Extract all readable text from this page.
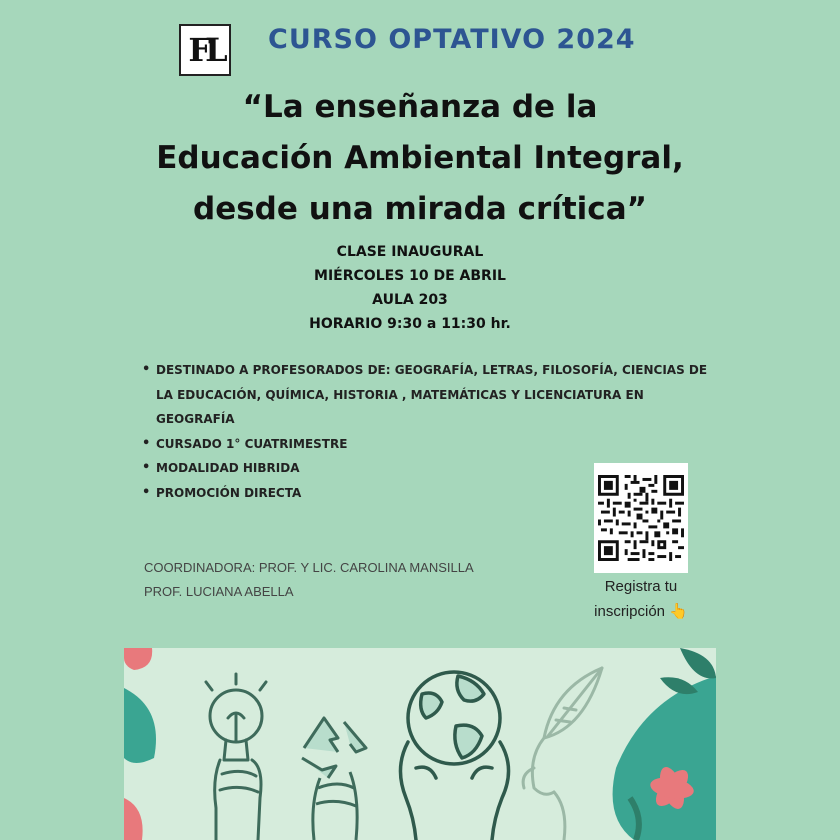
FL CURSO OPTATIVO 2024
“La enseñanza de la
Educación Ambiental Integral,
desde una mirada crítica”
CLASE INAUGURAL
MIÉRCOLES 10 DE ABRIL
AULA 203
HORARIO 9:30 a 11:30 hr.
• DESTINADO A PROFESORADOS DE: GEOGRAFÍA, LETRAS, FILOSOFÍA, CIENCIAS DE LA EDUCACIÓN, QUÍMICA, HISTORIA , MATEMÁTICAS Y LICENCIATURA EN GEOGRAFÍA
• CURSADO 1° CUATRIMESTRE
• MODALIDAD HIBRIDA
• PROMOCIÓN DIRECTA
COORDINADORA: PROF. Y LIC. CAROLINA MANSILLA
PROF. LUCIANA ABELLA	Registra tu
inscripción 👆
